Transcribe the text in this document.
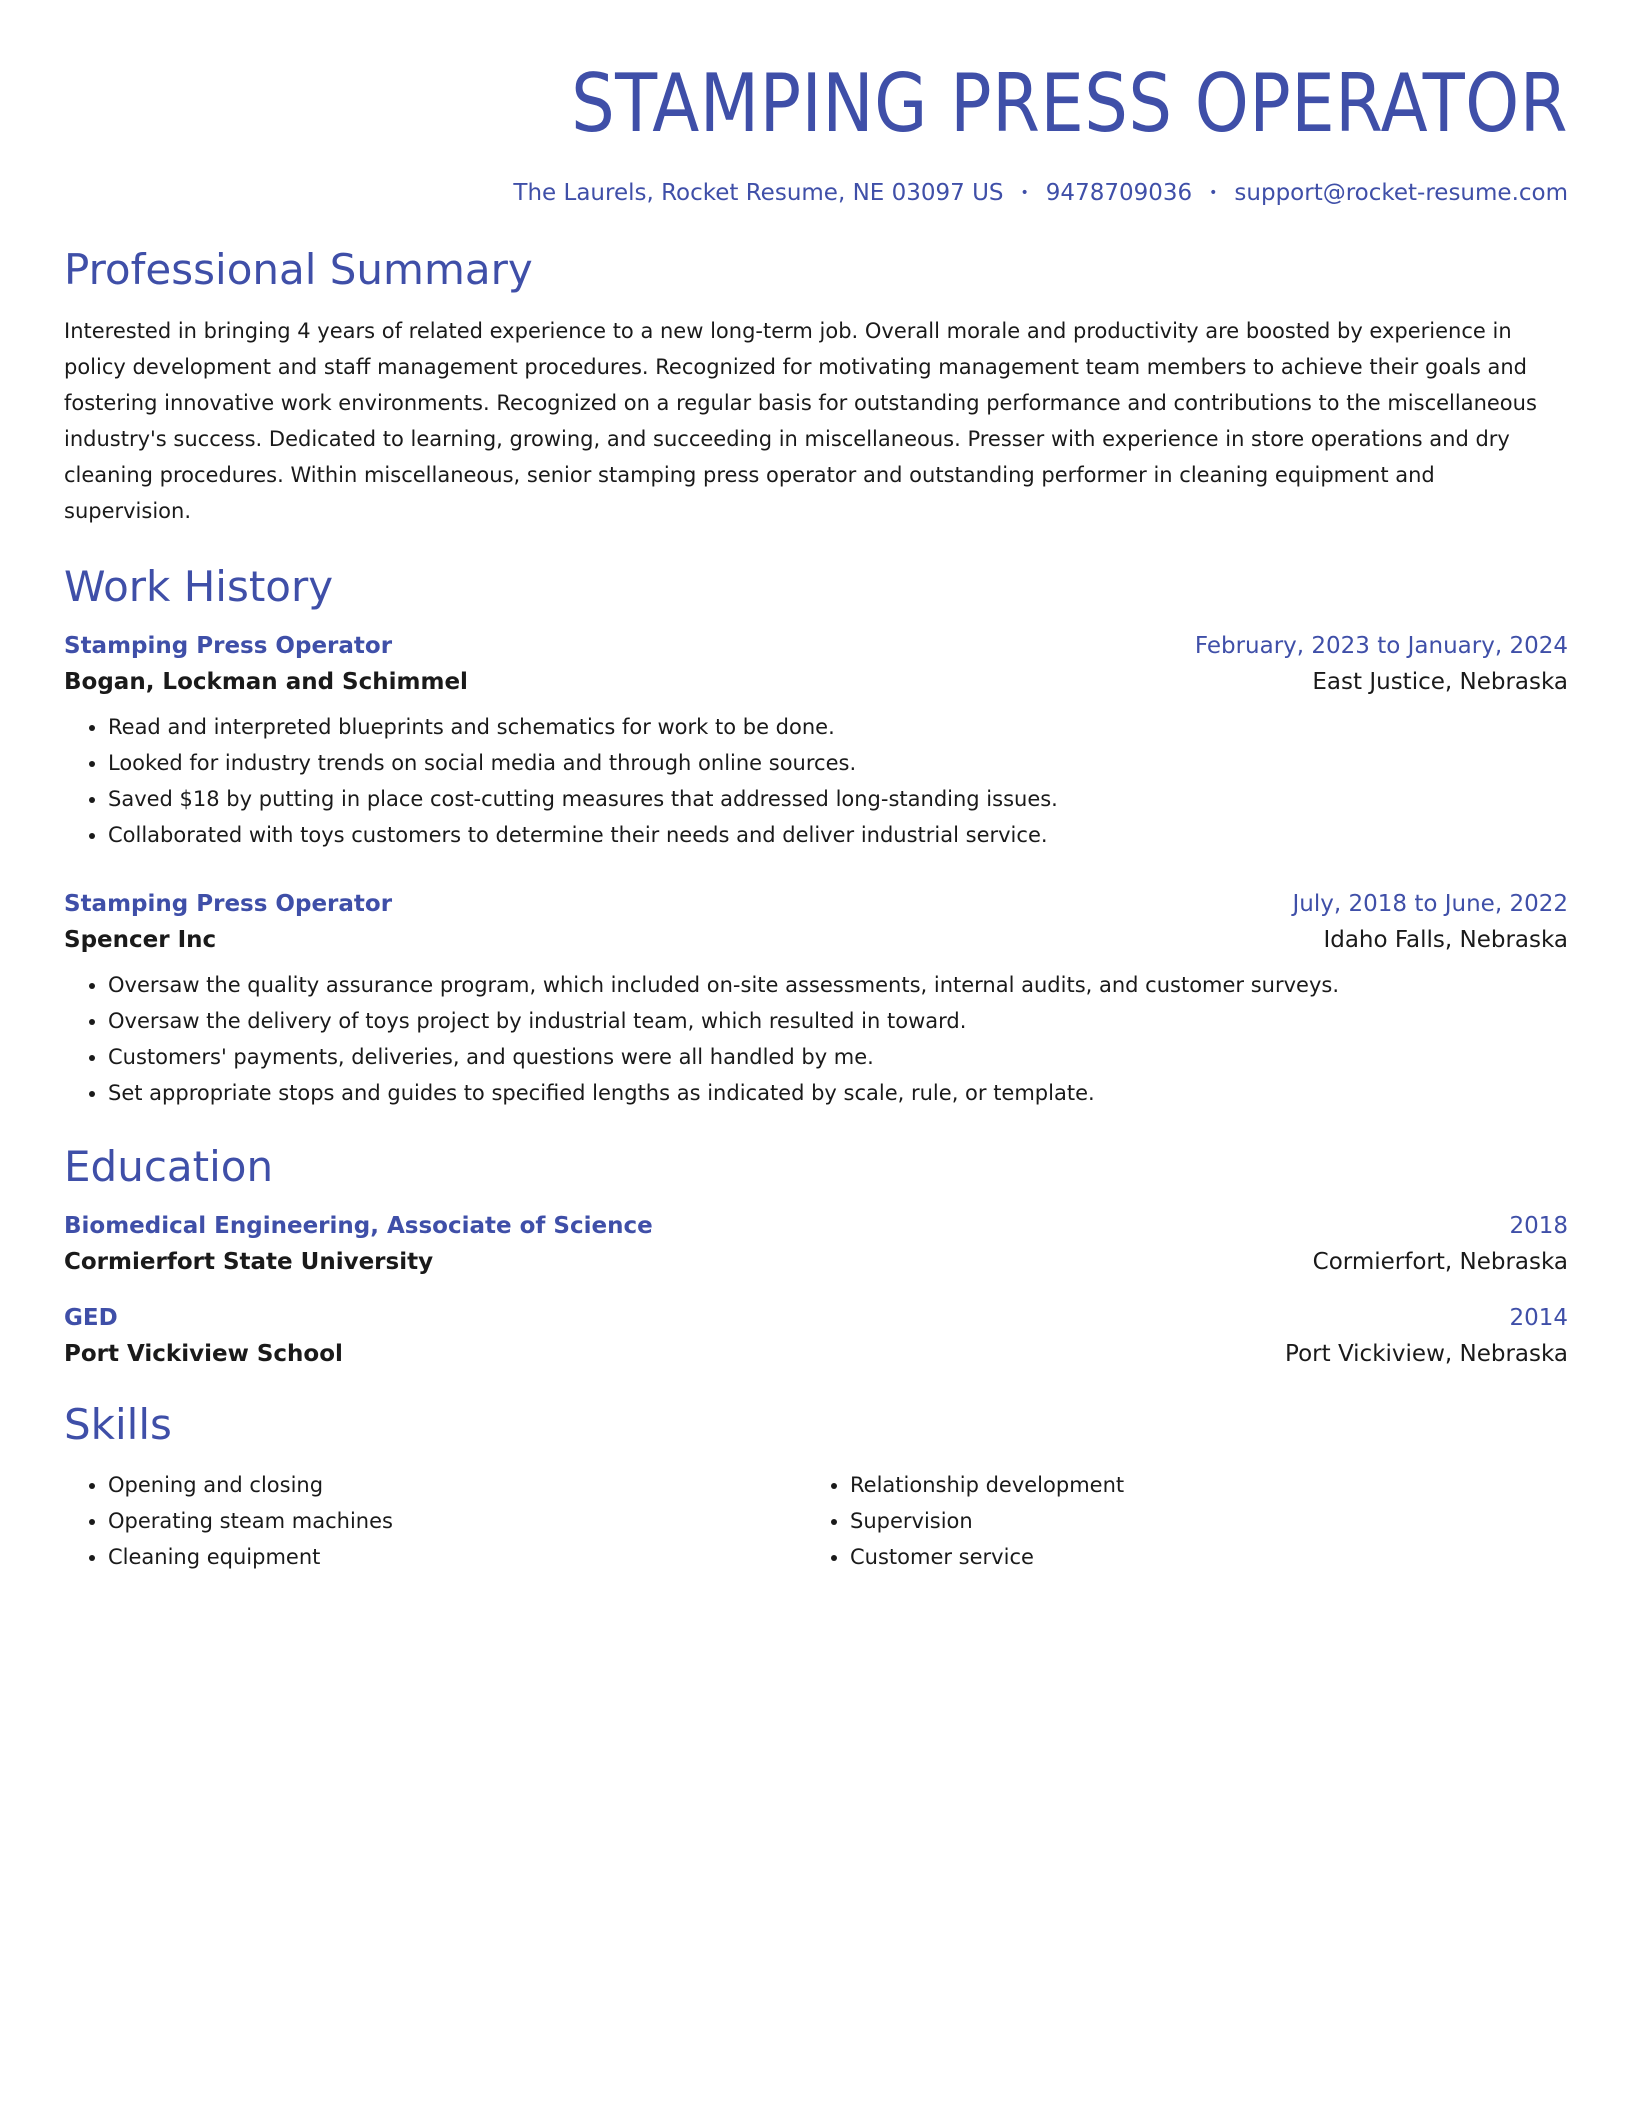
STAMPING PRESS OPERATOR
The Laurels, Rocket Resume, NE 03097 US • 9478709036 • support@rocket-resume.com
Professional Summary

Interested in bringing 4 years of related experience to a new long-term job. Overall morale and productivity are boosted by experience in policy development and staff management procedures. Recognized for motivating management team members to achieve their goals and fostering innovative work environments. Recognized on a regular basis for outstanding performance and contributions to the miscellaneous industry's success. Dedicated to learning, growing, and succeeding in miscellaneous. Presser with experience in store operations and dry cleaning procedures. Within miscellaneous, senior stamping press operator and outstanding performer in cleaning equipment and supervision.

Work History
Stamping Press Operator	February, 2023 to January, 2024
Bogan, Lockman and Schimmel	East Justice, Nebraska
• Read and interpreted blueprints and schematics for work to be done.
• Looked for industry trends on social media and through online sources.
• Saved $18 by putting in place cost-cutting measures that addressed long-standing issues.
• Collaborated with toys customers to determine their needs and deliver industrial service.
Stamping Press Operator	July, 2018 to June, 2022
Spencer Inc	Idaho Falls, Nebraska
• Oversaw the quality assurance program, which included on-site assessments, internal audits, and customer surveys.
• Oversaw the delivery of toys project by industrial team, which resulted in toward.
• Customers' payments, deliveries, and questions were all handled by me.
• Set appropriate stops and guides to specified lengths as indicated by scale, rule, or template.
Education
Biomedical Engineering, Associate of Science	2018
Cormierfort State University	Cormierfort, Nebraska
GED	2014
Port Vickiview School	Port Vickiview, Nebraska
Skills
• Opening and closing
• Operating steam machines
• Cleaning equipment
• Relationship development
• Supervision
• Customer service
